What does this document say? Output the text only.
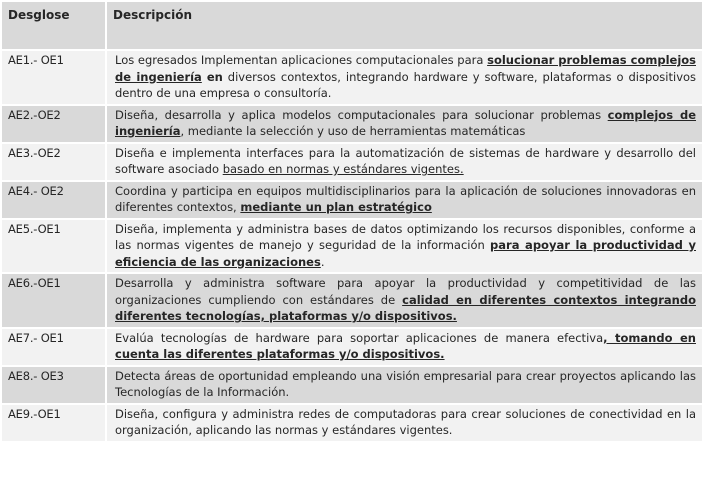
Desglose	Descripción
AE1.- OE1	Los egresados Implementan aplicaciones computacionales para solucionar problemas complejos de ingeniería en diversos contextos, integrando hardware y software, plataformas o dispositivos dentro de una empresa o consultoría.
AE2.-OE2	Diseña, desarrolla y aplica modelos computacionales para solucionar problemas complejos de ingeniería, mediante la selección y uso de herramientas matemáticas
AE3.-OE2	Diseña e implementa interfaces para la automatización de sistemas de hardware y desarrollo del software asociado basado en normas y estándares vigentes.
AE4.- OE2	Coordina y participa en equipos multidisciplinarios para la aplicación de soluciones innovadoras en diferentes contextos, mediante un plan estratégico
AE5.-OE1	Diseña, implementa y administra bases de datos optimizando los recursos disponibles, conforme a las normas vigentes de manejo y seguridad de la información para apoyar la productividad y eficiencia de las organizaciones.
AE6.-OE1	Desarrolla y administra software para apoyar la productividad y competitividad de las organizaciones cumpliendo con estándares de calidad en diferentes contextos integrando diferentes tecnologías, plataformas y/o dispositivos.
AE7.- OE1	Evalúa tecnologías de hardware para soportar aplicaciones de manera efectiva, tomando en cuenta las diferentes plataformas y/o dispositivos.
AE8.- OE3	Detecta áreas de oportunidad empleando una visión empresarial para crear proyectos aplicando las Tecnologías de la Información.
AE9.-OE1	Diseña, configura y administra redes de computadoras para crear soluciones de conectividad en la organización, aplicando las normas y estándares vigentes.
